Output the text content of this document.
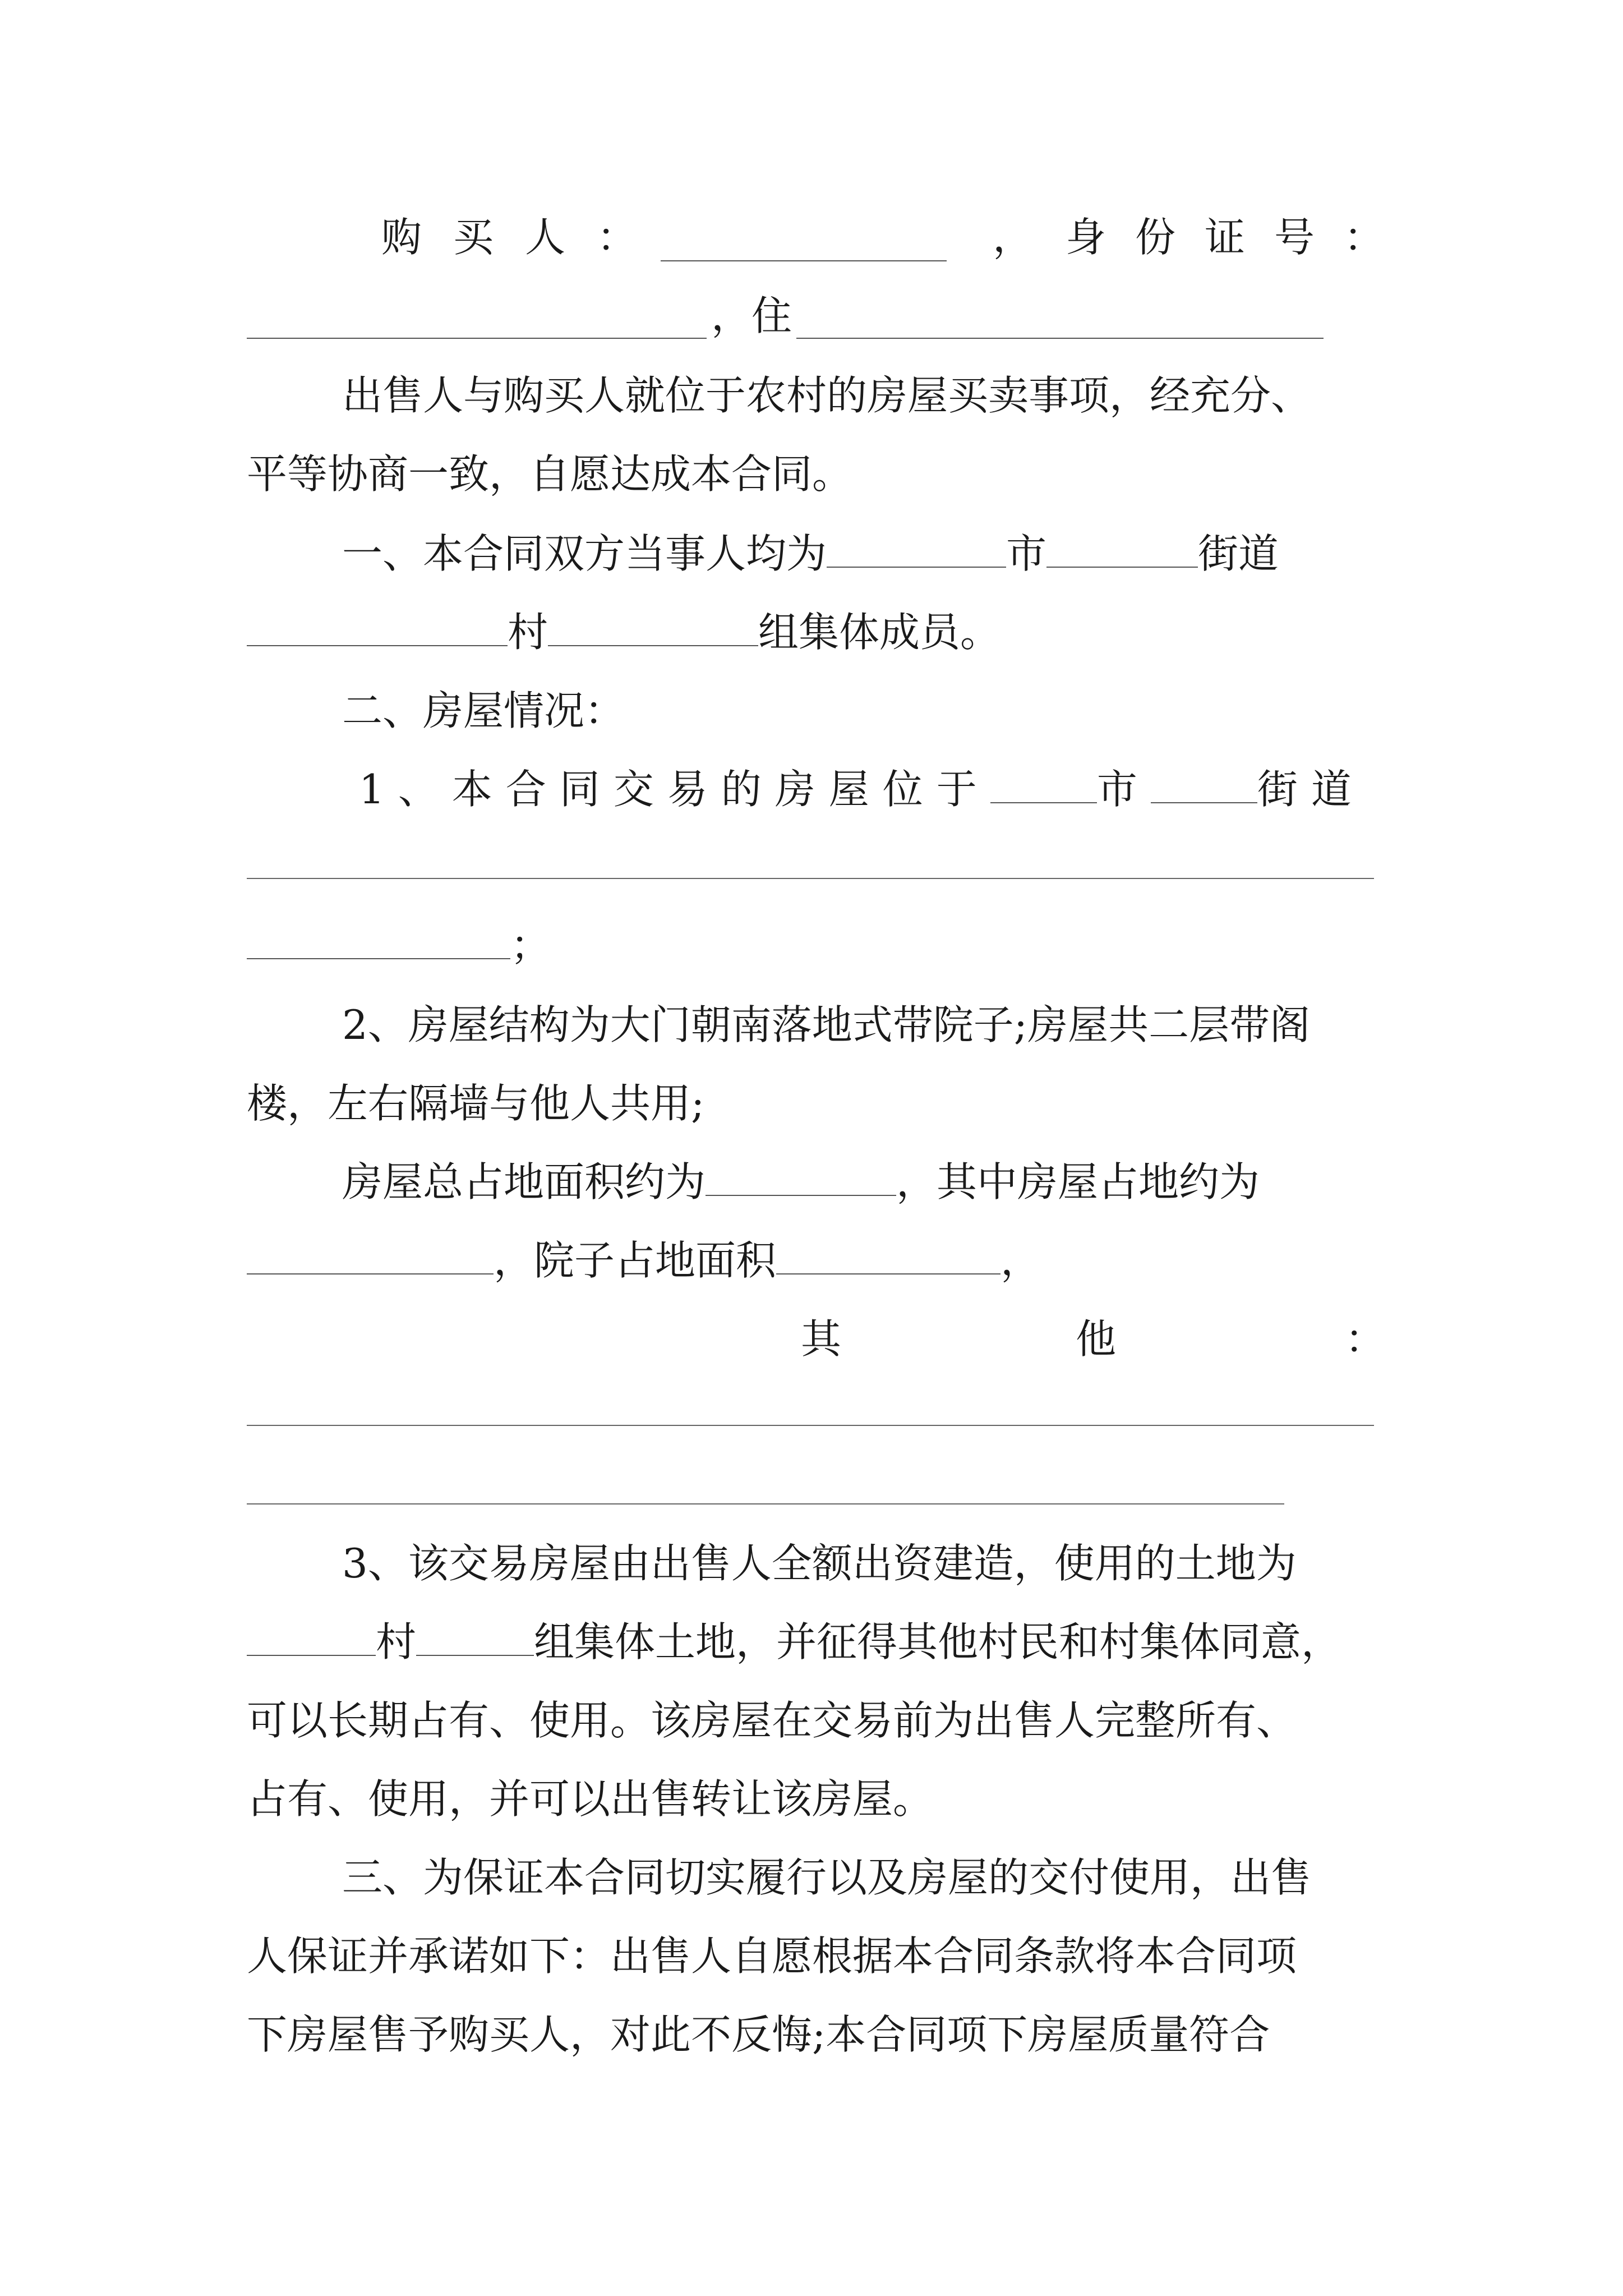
购买人：	， 身份证号：
，住
出售人与购买人就位于农村的房屋买卖事项，经充分、
平等协商一致，自愿达成本合同。
一、本合同双方当事人均为	市	街道
村	组集体成员。
二、房屋情况：
1、本合同交易的房屋位于	市	街道
；
2、房屋结构为大门朝南落地式带院子;房屋共二层带阁
楼，左右隔墙与他人共用;
房屋总占地面积约为	，其中房屋占地约为
，院子占地面积	，
其	他	：
3、该交易房屋由出售人全额出资建造，使用的土地为
村	组集体土地，并征得其他村民和村集体同意，
可以长期占有、使用。该房屋在交易前为出售人完整所有、
占有、使用，并可以出售转让该房屋。
三、为保证本合同切实履行以及房屋的交付使用，出售
人保证并承诺如下：出售人自愿根据本合同条款将本合同项
下房屋售予购买人，对此不反悔;本合同项下房屋质量符合
